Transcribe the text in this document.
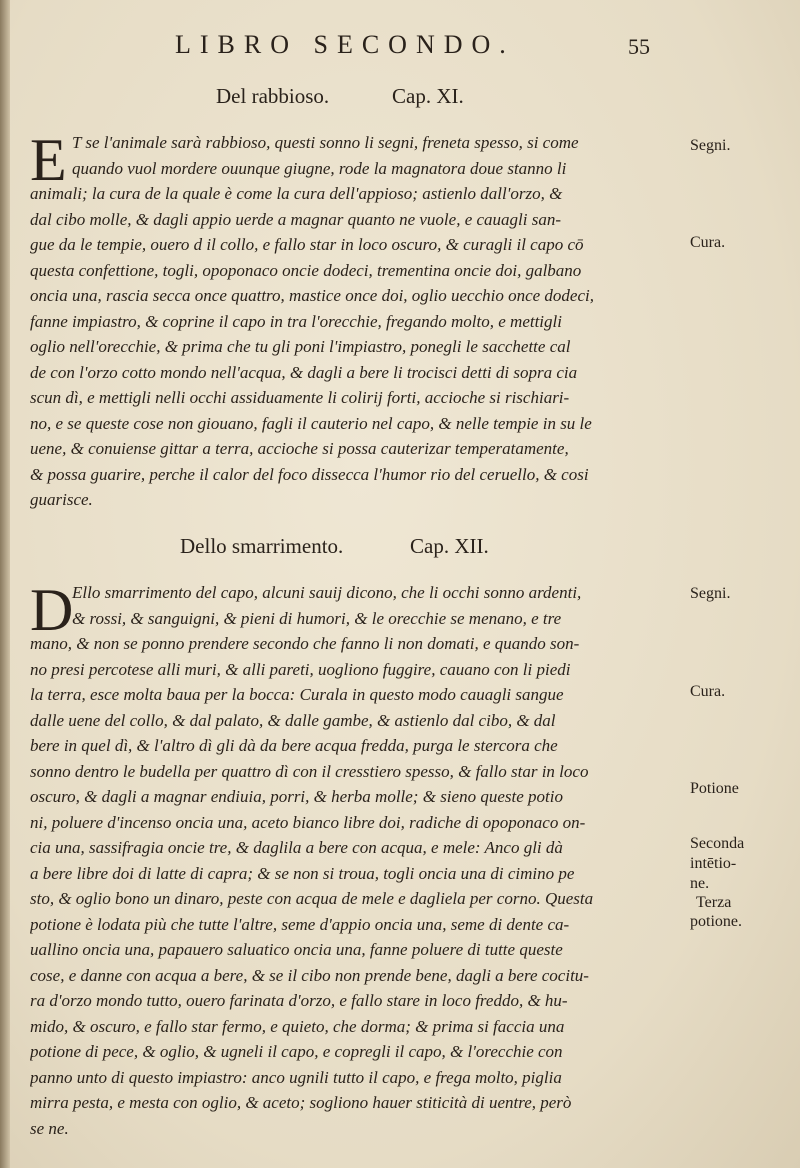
LIBRO SECONDO.	55
Del rabbioso.	Cap. XI.
E T se l'animale sarà rabbioso, questi sonno li segni, freneta spesso, si come
quando vuol mordere ouunque giugne, rode la magnatora doue stanno li
animali; la cura de la quale è come la cura dell'appioso; astienlo dall'orzo, &
dal cibo molle, & dagli appio uerde a magnar quanto ne vuole, e cauagli san-
gue da le tempie, ouero d il collo, e fallo star in loco oscuro, & curagli il capo cō
questa confettione, togli, opoponaco oncie dodeci, trementina oncie doi, galbano
oncia una, rascia secca once quattro, mastice once doi, oglio uecchio once dodeci,
fanne impiastro, & coprine il capo in tra l'orecchie, fregando molto, e mettigli
oglio nell'orecchie, & prima che tu gli poni l'impiastro, ponegli le sacchette cal
de con l'orzo cotto mondo nell'acqua, & dagli a bere li trocisci detti di sopra cia
scun dì, e mettigli nelli occhi assiduamente li colirij forti, accioche si rischiari-
no, e se queste cose non giouano, fagli il cauterio nel capo, & nelle tempie in su le
uene, & conuiense gittar a terra, accioche si possa cauterizar temperatamente,
& possa guarire, perche il calor del foco dissecca l'humor rio del ceruello, & cosi
guarisce.
Segni.
Cura.
Dello smarrimento.	Cap. XII.
D
Ello smarrimento del capo, alcuni sauij dicono, che li occhi sonno ardenti,
& rossi, & sanguigni, & pieni di humori, & le orecchie se menano, e tre
mano, & non se ponno prendere secondo che fanno li non domati, e quando son-
no presi percotese alli muri, & alli pareti, uogliono fuggire, cauano con li piedi
la terra, esce molta baua per la bocca: Curala in questo modo cauagli sangue
dalle uene del collo, & dal palato, & dalle gambe, & astienlo dal cibo, & dal
bere in quel dì, & l'altro dì gli dà da bere acqua fredda, purga le stercora che
sonno dentro le budella per quattro dì con il cresstiero spesso, & fallo star in loco
oscuro, & dagli a magnar endiuia, porri, & herba molle; & sieno queste potio
ni, poluere d'incenso oncia una, aceto bianco libre doi, radiche di opoponaco on-
cia una, sassifragia oncie tre, & daglila a bere con acqua, e mele: Anco gli dà
a bere libre doi di latte di capra; & se non si troua, togli oncia una di cimino pe
sto, & oglio bono un dinaro, peste con acqua de mele e dagliela per corno. Questa
potione è lodata più che tutte l'altre, seme d'appio oncia una, seme di dente ca-
uallino oncia una, papauero saluatico oncia una, fanne poluere di tutte queste
cose, e danne con acqua a bere, & se il cibo non prende bene, dagli a bere cocitu-
ra d'orzo mondo tutto, ouero farinata d'orzo, e fallo stare in loco freddo, & hu-
mido, & oscuro, e fallo star fermo, e quieto, che dorma; & prima si faccia una
potione di pece, & oglio, & ugneli il capo, e copregli il capo, & l'orecchie con
panno unto di questo impiastro: anco ugnili tutto il capo, e frega molto, piglia
mirra pesta, e mesta con oglio, & aceto; sogliono hauer stiticità di uentre, però
se ne.
Segni.
Cura.
Potione
Seconda
intētio-
ne.
Terza
potione.
